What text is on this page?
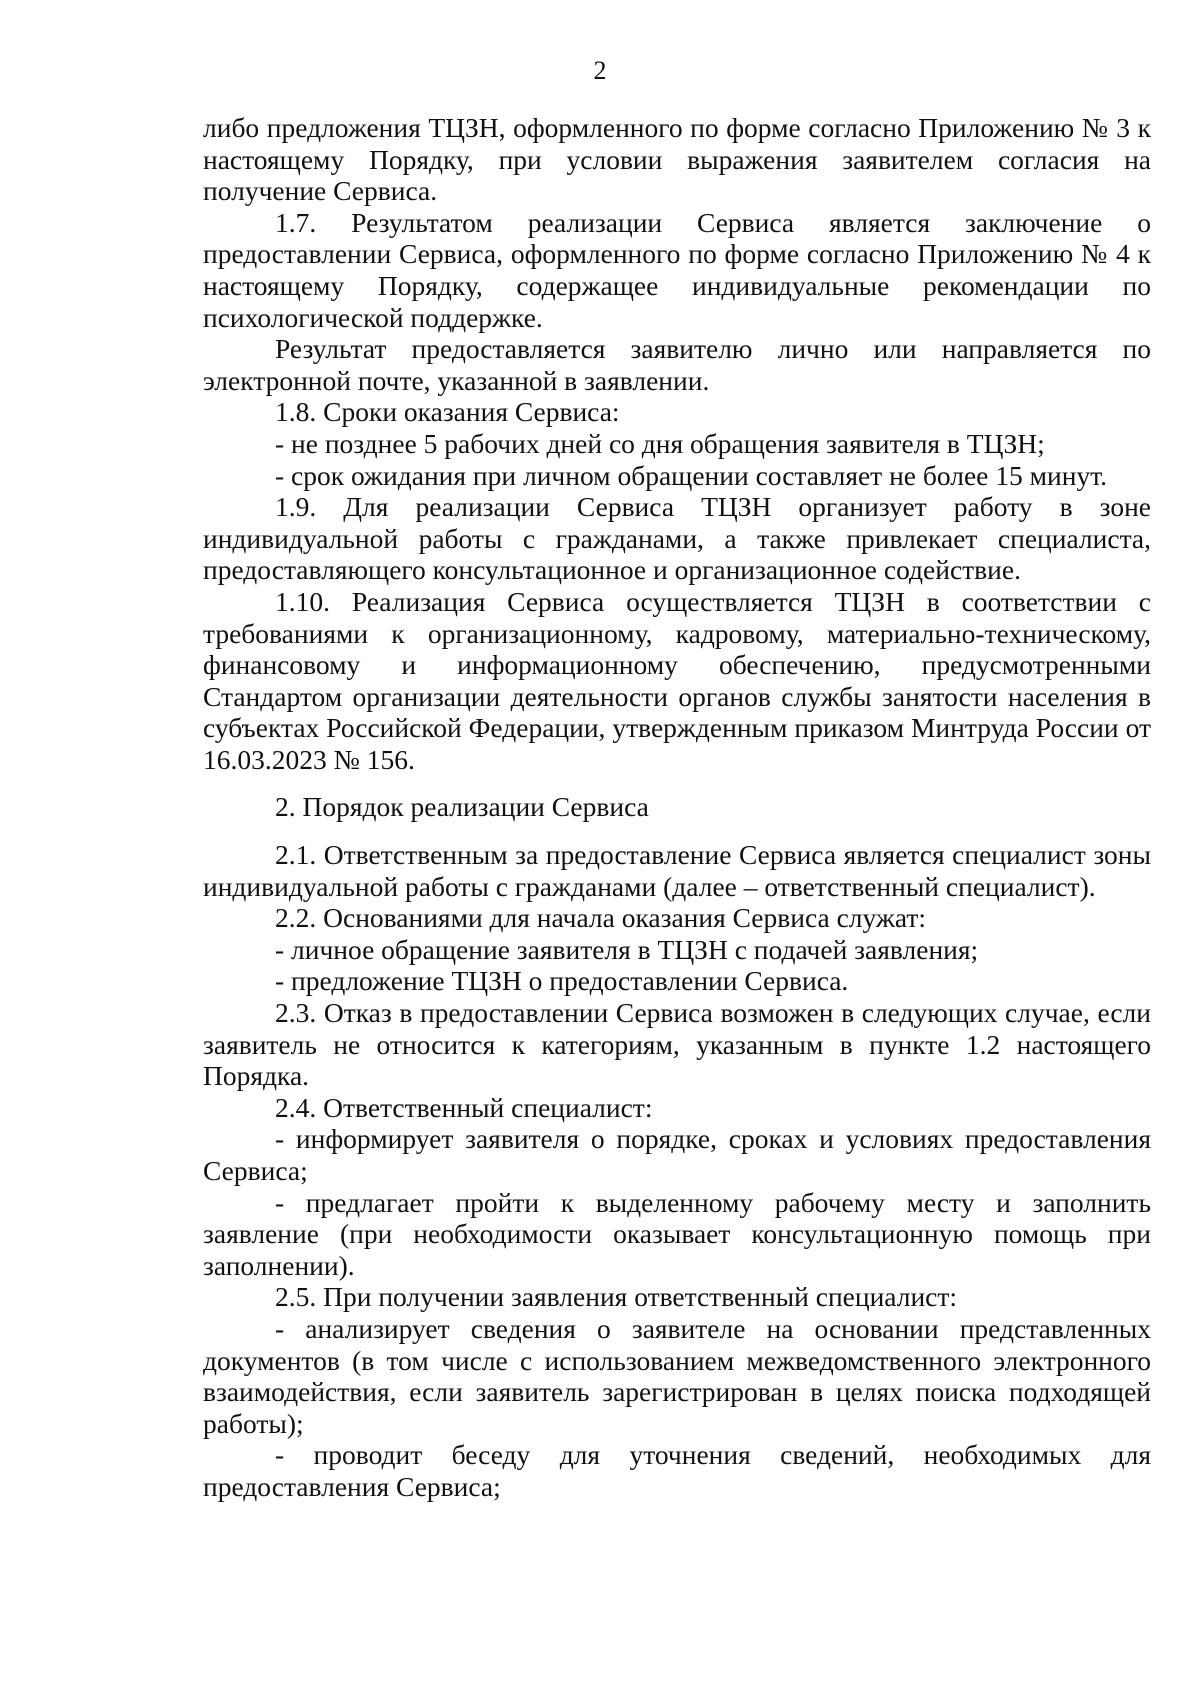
2

либо предложения ТЦЗН, оформленного по форме согласно Приложению № 3 к настоящему Порядку, при условии выражения заявителем согласия на получение Сервиса.

1.7. Результатом реализации Сервиса является заключение о предоставлении Сервиса, оформленного по форме согласно Приложению № 4 к настоящему Порядку, содержащее индивидуальные рекомендации по психологической поддержке.

Результат предоставляется заявителю лично или направляется по электронной почте, указанной в заявлении.

1.8. Сроки оказания Сервиса:

- не позднее 5 рабочих дней со дня обращения заявителя в ТЦЗН;

- срок ожидания при личном обращении составляет не более 15 минут.

1.9. Для реализации Сервиса ТЦЗН организует работу в зоне индивидуальной работы с гражданами, а также привлекает специалиста, предоставляющего консультационное и организационное содействие.

1.10. Реализация Сервиса осуществляется ТЦЗН в соответствии с требованиями к организационному, кадровому, материально-техническому, финансовому и информационному обеспечению, предусмотренными Стандартом организации деятельности органов службы занятости населения в субъектах Российской Федерации, утвержденным приказом Минтруда России от 16.03.2023 № 156.

2. Порядок реализации Сервиса

2.1. Ответственным за предоставление Сервиса является специалист зоны индивидуальной работы с гражданами (далее – ответственный специалист).

2.2. Основаниями для начала оказания Сервиса служат:

- личное обращение заявителя в ТЦЗН с подачей заявления;

- предложение ТЦЗН о предоставлении Сервиса.

2.3. Отказ в предоставлении Сервиса возможен в следующих случае, если заявитель не относится к категориям, указанным в пункте 1.2 настоящего Порядка.

2.4. Ответственный специалист:

- информирует заявителя о порядке, сроках и условиях предоставления Сервиса;

- предлагает пройти к выделенному рабочему месту и заполнить заявление (при необходимости оказывает консультационную помощь при заполнении).

2.5. При получении заявления ответственный специалист:

- анализирует сведения о заявителе на основании представленных документов (в том числе с использованием межведомственного электронного взаимодействия, если заявитель зарегистрирован в целях поиска подходящей работы);

- проводит беседу для уточнения сведений, необходимых для предоставления Сервиса;
